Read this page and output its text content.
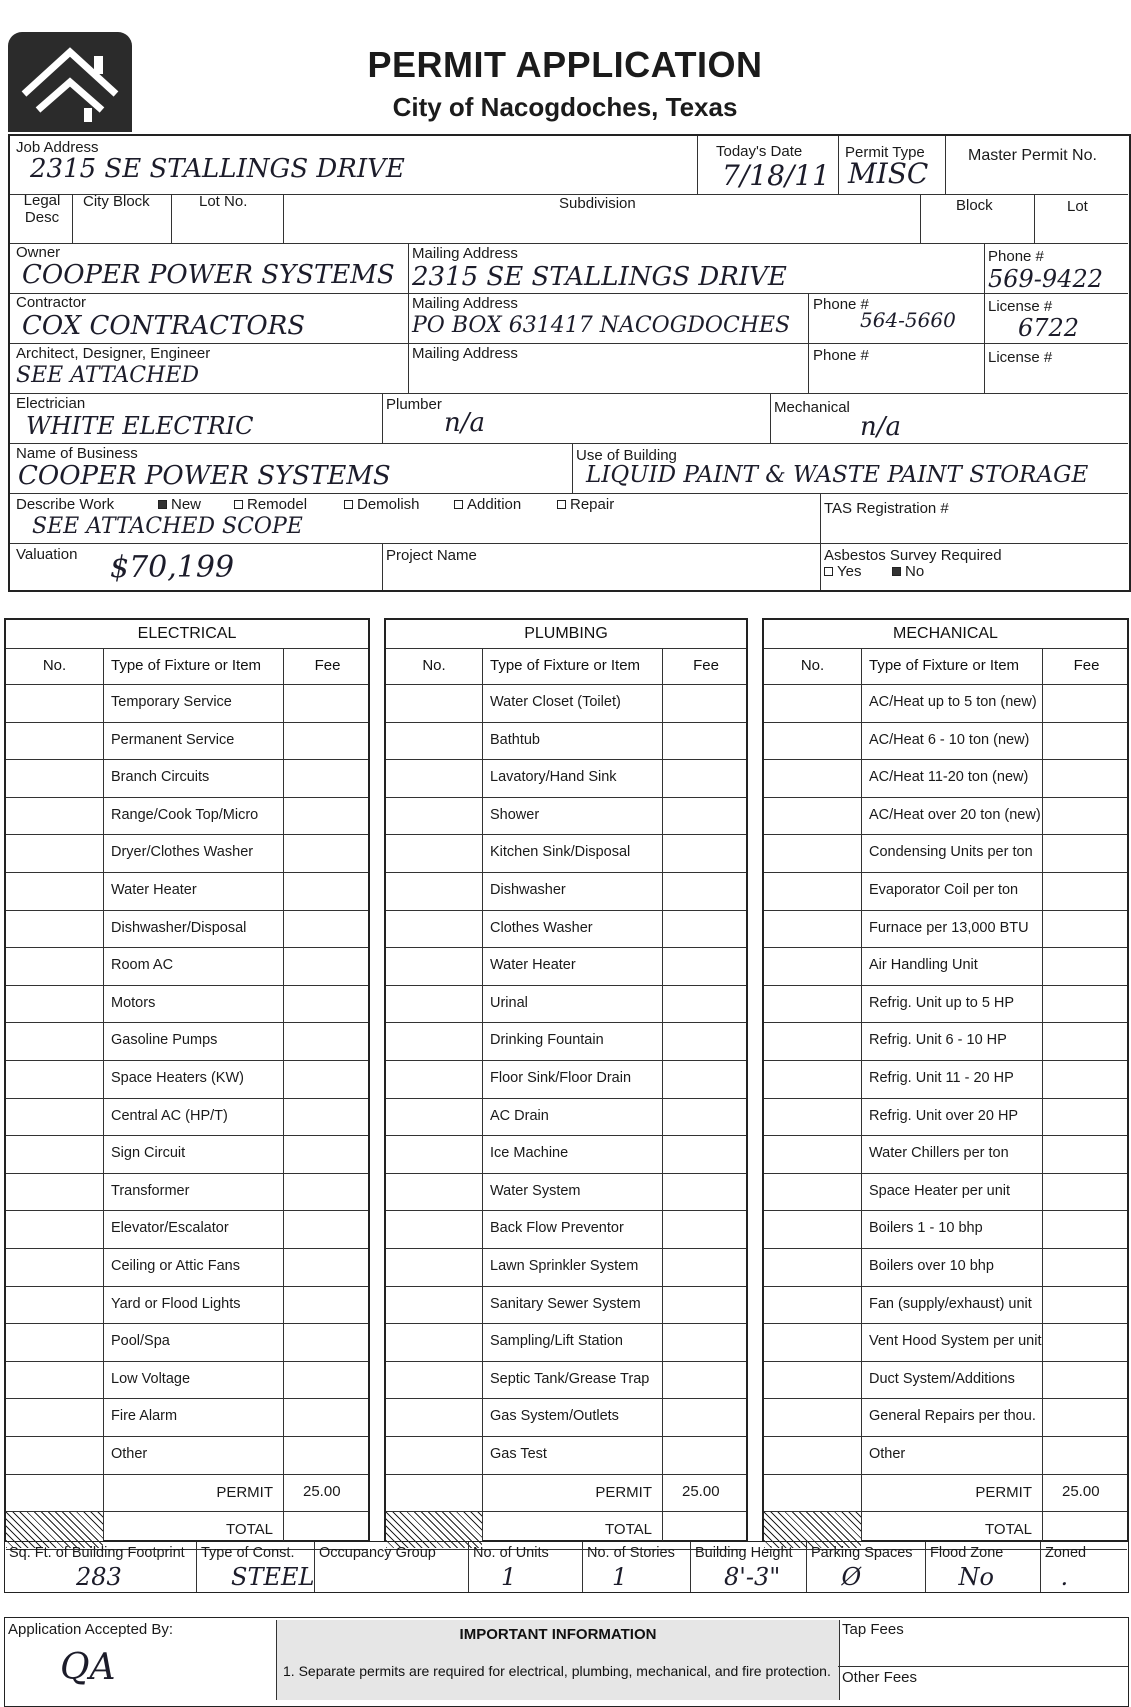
PERMIT APPLICATION
City of Nacogdoches, Texas
Job Address
2315 SE STALLINGS DRIVE
Today's Date
7/18/11
Permit Type
MISC
Master Permit No.
Legal Desc
City Block	Lot No.	Subdivision	Block	Lot
Owner
COOPER POWER SYSTEMS
Mailing Address
2315 SE STALLINGS DRIVE
Phone #
569-9422
Contractor
COX CONTRACTORS
Mailing Address
PO BOX 631417 NACOGDOCHES
Phone #
564-5660
License #
6722
Architect, Designer, Engineer
SEE ATTACHED
Mailing Address	Phone #	License #
Electrician
WHITE ELECTRIC
Plumber
n/a
Mechanical
n/a
Name of Business
COOPER POWER SYSTEMS
Use of Building
LIQUID PAINT & WASTE PAINT STORAGE
Describe Work	New	Remodel	Demolish	Addition	Repair
SEE ATTACHED SCOPE
TAS Registration #
Valuation $70,199	Project Name	Asbestos Survey Required
Yes	No
ELECTRICAL
No.	Type of Fixture or Item	Fee
Temporary Service
Permanent Service
Branch Circuits
Range/Cook Top/Micro
Dryer/Clothes Washer
Water Heater
Dishwasher/Disposal
Room AC
Motors
Gasoline Pumps
Space Heaters (KW)
Central AC (HP/T)
Sign Circuit
Transformer
Elevator/Escalator
Ceiling or Attic Fans
Yard or Flood Lights
Pool/Spa
Low Voltage
Fire Alarm
Other
PERMIT 25.00
TOTAL
PLUMBING
No.	Type of Fixture or Item	Fee
Water Closet (Toilet)
Bathtub
Lavatory/Hand Sink
Shower
Kitchen Sink/Disposal
Dishwasher
Clothes Washer
Water Heater
Urinal
Drinking Fountain
Floor Sink/Floor Drain
AC Drain
Ice Machine
Water System
Back Flow Preventor
Lawn Sprinkler System
Sanitary Sewer System
Sampling/Lift Station
Septic Tank/Grease Trap
Gas System/Outlets
Gas Test
PERMIT 25.00
TOTAL
MECHANICAL
No.	Type of Fixture or Item	Fee
AC/Heat up to 5 ton (new)
AC/Heat 6 - 10 ton (new)
AC/Heat 11-20 ton (new)
AC/Heat over 20 ton (new)
Condensing Units per ton
Evaporator Coil per ton
Furnace per 13,000 BTU
Air Handling Unit
Refrig. Unit up to 5 HP
Refrig. Unit 6 - 10 HP
Refrig. Unit 11 - 20 HP
Refrig. Unit over 20 HP
Water Chillers per ton
Space Heater per unit
Boilers 1 - 10 bhp
Boilers over 10 bhp
Fan (supply/exhaust) unit
Vent Hood System per unit
Duct System/Additions
General Repairs per thou.
Other
PERMIT 25.00
TOTAL
Sq. Ft. of Building Footprint
283
Type of Const.
STEEL
Occupancy Group	No. of Units
1
No. of Stories
1
Building Height
8'-3"
Parking Spaces
Ø
Flood Zone
No
Zoned
.
Application Accepted By:
QA
IMPORTANT INFORMATION
1. Separate permits are required for electrical, plumbing, mechanical, and fire protection.
Tap Fees
Other Fees
